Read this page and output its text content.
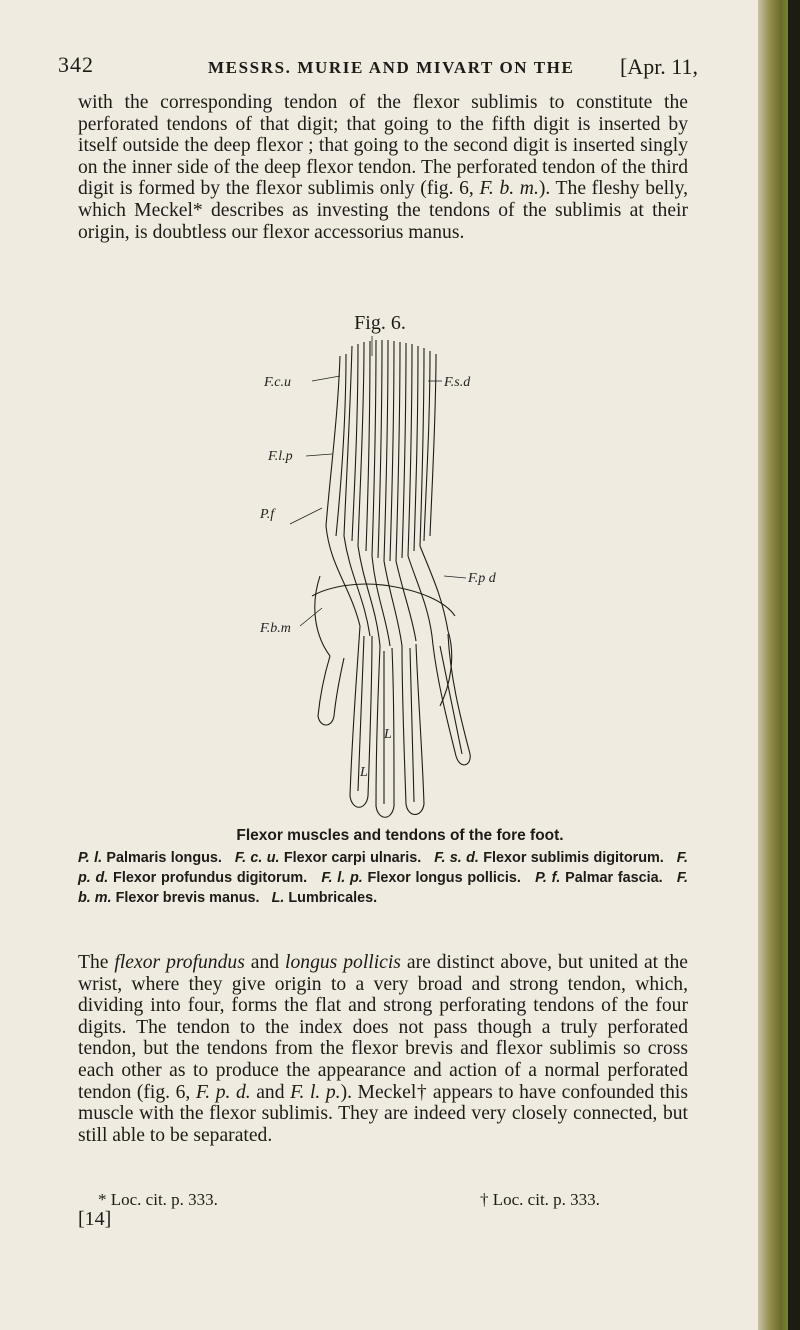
342	MESSRS. MURIE AND MIVART ON THE [Apr. 11,
with the corresponding tendon of the flexor sublimis to constitute the perforated tendons of that digit; that going to the fifth digit is inserted by itself outside the deep flexor ; that going to the second digit is inserted singly on the inner side of the deep flexor tendon. The perforated tendon of the third digit is formed by the flexor sublimis only (fig. 6, F. b. m.). The fleshy belly, which Meckel* describes as investing the tendons of the sublimis at their origin, is doubtless our flexor accessorius manus.
Fig. 6.
F.c.u	F.s.d
F.l.p
P.f
F.p d
F.b.m
L
L
Flexor muscles and tendons of the fore foot.
P. l. Palmaris longus. F. c. u. Flexor carpi ulnaris. F. s. d. Flexor sublimis digitorum. F. p. d. Flexor profundus digitorum. F. l. p. Flexor longus pollicis. P. f. Palmar fascia. F. b. m. Flexor brevis manus. L. Lumbricales.
The flexor profundus and longus pollicis are distinct above, but united at the wrist, where they give origin to a very broad and strong tendon, which, dividing into four, forms the flat and strong perforating tendons of the four digits. The tendon to the index does not pass though a truly perforated tendon, but the tendons from the flexor brevis and flexor sublimis so cross each other as to produce the appearance and action of a normal perforated tendon (fig. 6, F. p. d. and F. l. p.). Meckel† appears to have confounded this muscle with the flexor sublimis. They are indeed very closely connected, but still able to be separated.
* Loc. cit. p. 333.	† Loc. cit. p. 333.
[14]
